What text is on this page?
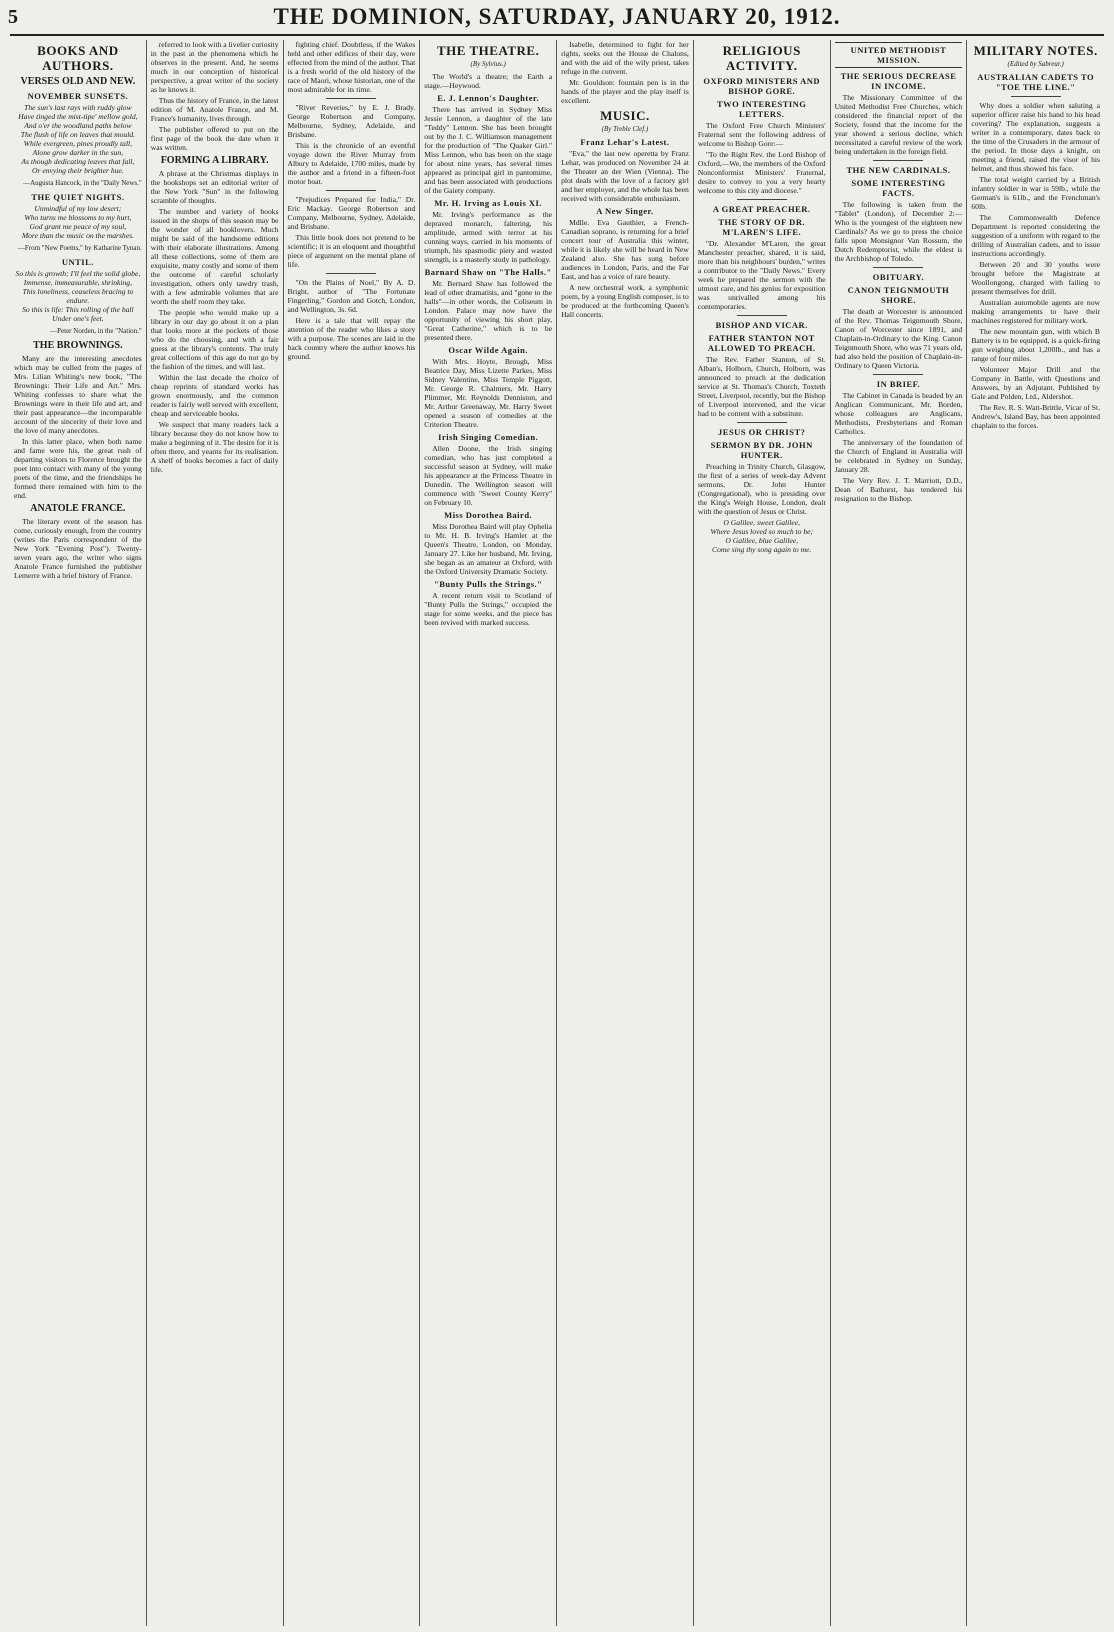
5	THE DOMINION, SATURDAY, JANUARY 20, 1912.
BOOKS AND AUTHORS.
VERSES OLD AND NEW.
NOVEMBER SUNSETS.
The sun's last rays with ruddy glow
Have tinged the mist-tipe' mellow gold,
And o'er the woodland paths below
The flush of life on leaves that mould.
While evergreen, pines proudly tall,
Alone grow darker in the sun,
As though dedicating leaves that fall,
Or envying their brighter hue.
—Augusta Hancock, in the "Daily News."
THE QUIET NIGHTS.
Unmindful of my low desert;
Who turns me blossoms to my hurt,
God grant me peace of my soul,
More than the music on the marshes.
—From "New Poems," by Katharine Tynan.
UNTIL.
So this is growth; I'll feel the solid globe,
Immense, immeasurable, shrinking,
This loneliness, ceaseless bracing to endure.
So this is life: This rolling of the ball
Under one's feet.
—Peter Norden, in the "Nation."
THE BROWNINGS.

Many are the interesting anecdotes which may be culled from the pages of Mrs. Lilian Whiting's new book, "The Brownings: Their Life and Art." Mrs. Whiting confesses to share what the Brownings were in their life and art, and their past appearance—the incomparable account of the sincerity of their love and the love of many anecdotes.

In this latter place, when both name and fame were his, the great rush of departing visitors to Florence brought the poet into contact with many of the young poets of the time, and the friendships he formed there remained with him to the end.

ANATOLE FRANCE.

The literary event of the season has come, curiously enough, from the country (writes the Paris correspondent of the New York "Evening Post"). Twenty-seven years ago, the writer who signs Anatole France furnished the publisher Lemerre with a brief history of France.

referred to look with a livelier curiosity in the past at the phenomena which he observes in the present. And, he seems much in our conception of historical perspective, a great writer of the society as he knows it.

Thus the history of France, in the latest edition of M. Anatole France, and M. France's humanity, lives through.

The publisher offered to put on the first page of the book the date when it was written.

FORMING A LIBRARY.

A phrase at the Christmas displays in the bookshops set an editorial writer of the New York "Sun" in the following scramble of thoughts.

The number and variety of books issued in the shops of this season may be the wonder of all booklovers. Much might be said of the handsome editions with their elaborate illustrations. Among all these collections, some of them are exquisite, many costly and some of them the outcome of careful scholarly investigation, others only tawdry trash, with a few admirable volumes that are worth the shelf room they take.

The people who would make up a library in our day go about it on a plan that looks more at the pockets of those who do the choosing, and with a fair guess at the library's contents. The truly great collections of this age do not go by the fashion of the times, and will last.

Within the last decade the choice of cheap reprints of standard works has grown enormously, and the common reader is fairly well served with excellent, cheap and serviceable books.

We suspect that many readers lack a library because they do not know how to make a beginning of it. The desire for it is often there, and yearns for its realisation. A shelf of books becomes a fact of daily life.

fighting chief. Doubtless, if the Wakes held and other edifices of their day, were effected from the mind of the author. That is a fresh world of the old history of the race of Maori, whose historian, one of the most admirable for its time.

"River Reveries," by E. J. Brady. George Robertson and Company, Melbourne, Sydney, Adelaide, and Brisbane.

This is the chronicle of an eventful voyage down the River Murray from Albury to Adelaide, 1700 miles, made by the author and a friend in a fifteen-foot motor boat.

"Prejudices Prepared for India," Dr. Eric Mackay. George Robertson and Company, Melbourne, Sydney, Adelaide, and Brisbane.

This little book does not pretend to be scientific; it is an eloquent and thoughtful piece of argument on the mental plane of life.

"On the Plains of Noel," By A. D. Bright, author of "The Fortunate Fingerling," Gordon and Gotch, London, and Wellington, 3s. 6d.

Here is a tale that will repay the attention of the reader who likes a story with a purpose. The scenes are laid in the back country where the author knows his ground.

THE THEATRE.
(By Sylvius.)

The World's a theatre; the Earth a stage.—Heywood.

E. J. Lennon's Daughter.

There has arrived in Sydney Miss Jessie Lennon, a daughter of the late "Teddy" Lennon. She has been brought out by the J. C. Williamson management for the production of "The Quaker Girl." Miss Lennon, who has been on the stage for about nine years, has several times appeared as principal girl in pantomime, and has been associated with productions of the Gaiety company.

Mr. H. Irving as Louis XI.

Mr. Irving's performance as the depraved monarch, faltering, his amplitude, armed with terror at his cunning ways, carried in his moments of triumph, his spasmodic piety and wasted strength, is a masterly study in pathology.

Barnard Shaw on "The Halls."

Mr. Bernard Shaw has followed the lead of other dramatists, and "gone to the halls"—in other words, the Coliseum in London. Palace may now have the opportunity of viewing his short play, "Great Catherine," which is to be presented there.

Oscar Wilde Again.

With Mrs. Hoyte, Brough, Miss Beatrice Day, Miss Lizette Parkes, Miss Sidney Valentine, Miss Temple Piggott, Mr. George R. Chalmers, Mr. Harry Plimmer, Mr. Reynolds Denniston, and Mr. Arthur Greenaway, Mr. Harry Sweet opened a season of comedies at the Criterion Theatre.

Irish Singing Comedian.

Allen Doone, the Irish singing comedian, who has just completed a successful season at Sydney, will make his appearance at the Princess Theatre in Dunedin. The Wellington season will commence with "Sweet County Kerry" on February 10.

Miss Dorothea Baird.

Miss Dorothea Baird will play Ophelia to Mr. H. B. Irving's Hamlet at the Queen's Theatre, London, on Monday, January 27. Like her husband, Mr. Irving, she began as an amateur at Oxford, with the Oxford University Dramatic Society.

"Bunty Pulls the Strings."

A recent return visit to Scotland of "Bunty Pulls the Strings," occupied the stage for some weeks, and the piece has been revived with marked success.

Isabelle, determined to fight for her rights, seeks out the House de Chalons, and with the aid of the wily priest, takes refuge in the convent.

Mr. Gouldson: fountain pen is in the hands of the player and the play itself is excellent.

MUSIC.
(By Treble Clef.)
Franz Lehar's Latest.

"Eva," the last new operetta by Franz Lehar, was produced on November 24 at the Theater an der Wien (Vienna). The plot deals with the love of a factory girl and her employer, and the whole has been received with considerable enthusiasm.

A New Singer.

Mdlle. Eva Gauthier, a French-Canadian soprano, is returning for a brief concert tour of Australia this winter, while it is likely she will be heard in New Zealand also. She has sung before audiences in London, Paris, and the Far East, and has a voice of rare beauty.

A new orchestral work, a symphonic poem, by a young English composer, is to be produced at the forthcoming Queen's Hall concerts.

RELIGIOUS ACTIVITY.
OXFORD MINISTERS AND BISHOP GORE.
TWO INTERESTING LETTERS.

The Oxford Free Church Ministers' Fraternal sent the following address of welcome to Bishop Gore:—

"To the Right Rev. the Lord Bishop of Oxford,—We, the members of the Oxford Nonconformist Ministers' Fraternal, desire to convey to you a very hearty welcome to this city and diocese."

A GREAT PREACHER.
THE STORY OF DR. M'LAREN'S LIFE.

"Dr. Alexander M'Laren, the great Manchester preacher, shared, it is said, more than his neighbours' burden," writes a contributor to the "Daily News." Every week he prepared the sermon with the utmost care, and his genius for exposition was unrivalled among his contemporaries.

BISHOP AND VICAR.
FATHER STANTON NOT ALLOWED TO PREACH.

The Rev. Father Stanton, of St. Alban's, Holborn, Church, Holborn, was announced to preach at the dedication service at St. Thomas's Church, Toxteth Street, Liverpool, recently, but the Bishop of Liverpool intervened, and the vicar had to be content with a substitute.

JESUS OR CHRIST?
SERMON BY DR. JOHN HUNTER.

Preaching in Trinity Church, Glasgow, the first of a series of week-day Advent sermons, Dr. John Hunter (Congregational), who is presiding over the King's Weigh House, London, dealt with the question of Jesus or Christ.

O Galilee, sweet Galilee,
Where Jesus loved so much to be;
O Galilee, blue Galilee,
Come sing thy song again to me.
UNITED METHODIST MISSION.
THE SERIOUS DECREASE IN INCOME.

The Missionary Committee of the United Methodist Free Churches, which considered the financial report of the Society, found that the income for the year showed a serious decline, which necessitated a careful review of the work being undertaken in the foreign field.

THE NEW CARDINALS.
SOME INTERESTING FACTS.

The following is taken from the "Tablet" (London), of December 2:— Who is the youngest of the eighteen new Cardinals? As we go to press the choice falls upon Monsignor Van Rossum, the Dutch Redemptorist, while the eldest is the Archbishop of Toledo.

OBITUARY.
CANON TEIGNMOUTH SHORE.

The death at Worcester is announced of the Rev. Thomas Teignmouth Shore, Canon of Worcester since 1891, and Chaplain-in-Ordinary to the King. Canon Teignmouth Shore, who was 71 years old, had also held the position of Chaplain-in-Ordinary to Queen Victoria.

IN BRIEF.

The Cabinet in Canada is headed by an Anglican Communicant, Mr. Borden, whose colleagues are Anglicans, Methodists, Presbyterians and Roman Catholics.

The anniversary of the foundation of the Church of England in Australia will be celebrated in Sydney on Sunday, January 28.

The Very Rev. J. T. Marriott, D.D., Dean of Bathurst, has tendered his resignation to the Bishop.

MILITARY NOTES.
(Edited by Sabreur.)
AUSTRALIAN CADETS TO "TOE THE LINE."

Why does a soldier when saluting a superior officer raise his hand to his head covering? The explanation, suggests a writer in a contemporary, dates back to the time of the Crusaders in the armour of the period. In those days a knight, on meeting a friend, raised the visor of his helmet, and thus showed his face.

The total weight carried by a British infantry soldier in war is 59lb., while the German's is 61lb., and the Frenchman's 60lb.

The Commonwealth Defence Department is reported considering the suggestion of a uniform with regard to the drilling of Australian cadets, and to issue instructions accordingly.

Between 20 and 30 youths were brought before the Magistrate at Woollongong, charged with failing to present themselves for drill.

Australian automobile agents are now making arrangements to have their machines registered for military work.

The new mountain gun, with which B Battery is to be equipped, is a quick-firing gun weighing about 1,200lb., and has a range of four miles.

Volunteer Major Drill and the Company in Battle, with Questions and Answers, by an Adjutant. Published by Gale and Polden, Ltd., Aldershot.

The Rev. R. S. Watt-Brittle, Vicar of St. Andrew's, Island Bay, has been appointed chaplain to the forces.
